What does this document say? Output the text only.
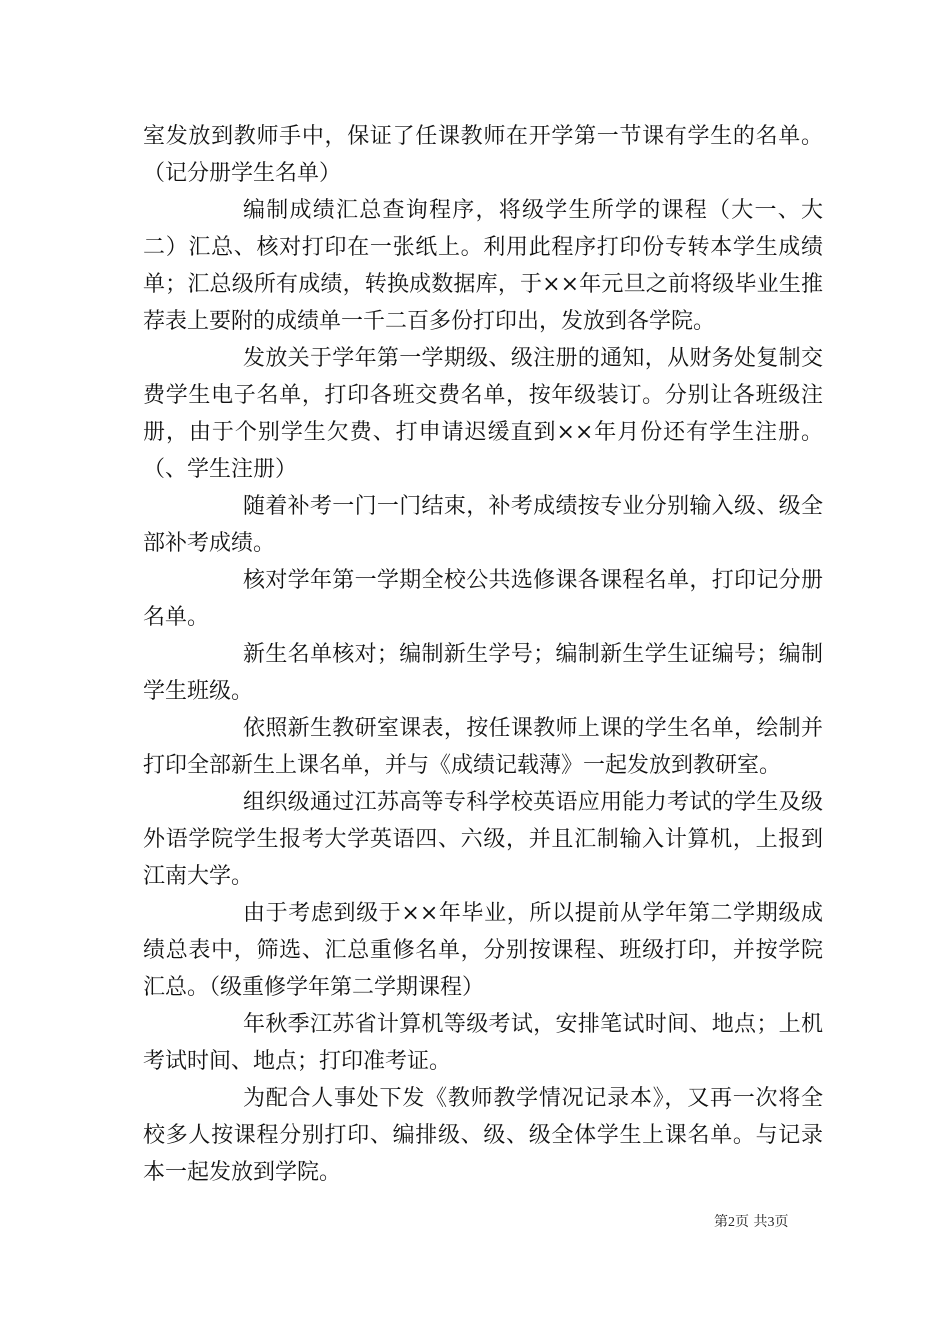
室发放到教师手中，保证了任课教师在开学第一节课有学生的名单。（记分册学生名单）

编制成绩汇总查询程序，将级学生所学的课程（大一、大二）汇总、核对打印在一张纸上。利用此程序打印份专转本学生成绩单；汇总级所有成绩，转换成数据库，于××年元旦之前将级毕业生推荐表上要附的成绩单一千二百多份打印出，发放到各学院。

发放关于学年第一学期级、级注册的通知，从财务处复制交费学生电子名单，打印各班交费名单，按年级装订。分别让各班级注册，由于个别学生欠费、打申请迟缓直到××年月份还有学生注册。（、学生注册）

随着补考一门一门结束，补考成绩按专业分别输入级、级全部补考成绩。

核对学年第一学期全校公共选修课各课程名单，打印记分册名单。

新生名单核对；编制新生学号；编制新生学生证编号；编制学生班级。

依照新生教研室课表，按任课教师上课的学生名单，绘制并打印全部新生上课名单，并与《成绩记载薄》一起发放到教研室。

组织级通过江苏高等专科学校英语应用能力考试的学生及级外语学院学生报考大学英语四、六级，并且汇制输入计算机，上报到江南大学。

由于考虑到级于××年毕业，所以提前从学年第二学期级成绩总表中，筛选、汇总重修名单，分别按课程、班级打印，并按学院汇总。（级重修学年第二学期课程）

年秋季江苏省计算机等级考试，安排笔试时间、地点；上机考试时间、地点；打印准考证。

为配合人事处下发《教师教学情况记录本》，又再一次将全校多人按课程分别打印、编排级、级、级全体学生上课名单。与记录本一起发放到学院。

第2页 共3页
